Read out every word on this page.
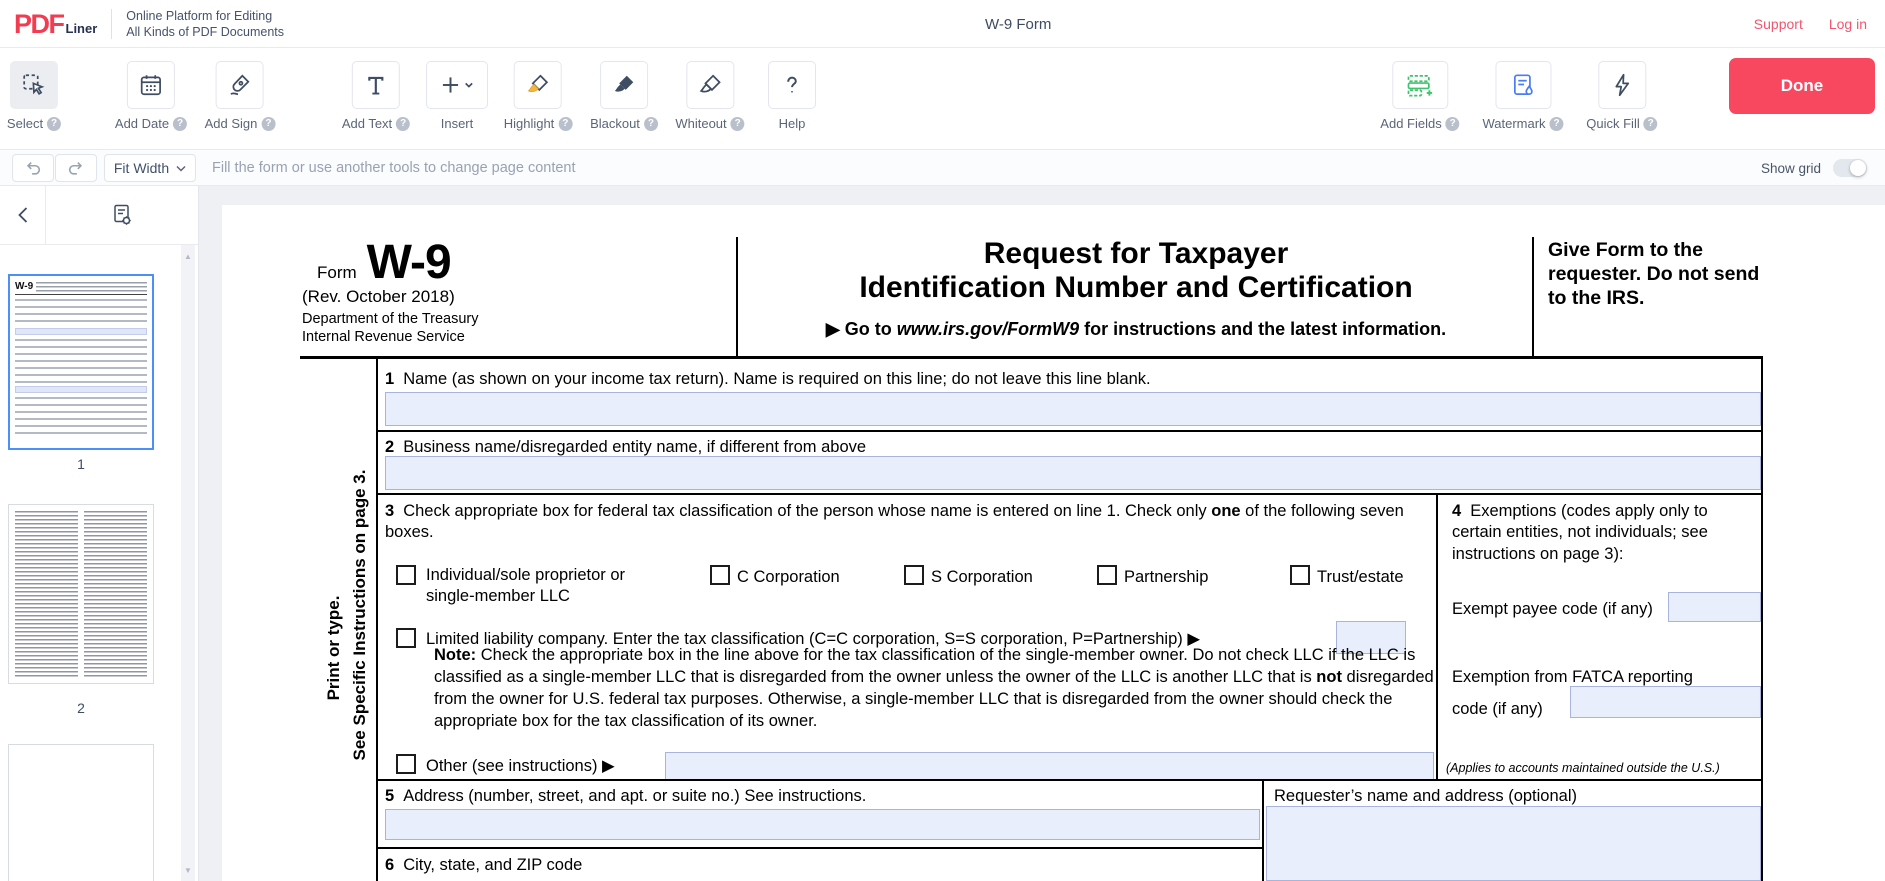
PDF Liner
Online Platform for Editing
All Kinds of PDF Documents	W-9 Form	Support Log in
Select ?	Add Date ?	Add Sign ?	Add Text ?	Insert Highlight ?	Blackout ?	Whiteout ?	Help	Add Fields ?	Watermark ?	Quick Fill ?
Done
Fit Width	Fill the form or use another tools to change page content	Show grid
W-9
1
2
▲
▼
Form W-9
(Rev. October 2018)
Department of the Treasury
Internal Revenue Service
Request for Taxpayer
Identification Number and Certification
▶ Go to www.irs.gov/FormW9 for instructions and the latest information.
Give Form to the requester. Do not send to the IRS.
Print or type. See Specific Instructions on page 3.
1 Name (as shown on your income tax return). Name is required on this line; do not leave this line blank.
2 Business name/disregarded entity name, if different from above
3 Check appropriate box for federal tax classification of the person whose name is entered on line 1. Check only one of the following seven boxes.
Individual/sole proprietor or single-member LLC
C Corporation	S Corporation	Partnership	Trust/estate
Limited liability company. Enter the tax classification (C=C corporation, S=S corporation, P=Partnership) ▶
Note: Check the appropriate box in the line above for the tax classification of the single-member owner. Do not check LLC if the LLC is classified as a single-member LLC that is disregarded from the owner unless the owner of the LLC is another LLC that is not disregarded from the owner for U.S. federal tax purposes. Otherwise, a single-member LLC that is disregarded from the owner should check the appropriate box for the tax classification of its owner.
Other (see instructions) ▶
4 Exemptions (codes apply only to certain entities, not individuals; see instructions on page 3):
Exempt payee code (if any)
Exemption from FATCA reporting
code (if any)
(Applies to accounts maintained outside the U.S.)
5 Address (number, street, and apt. or suite no.) See instructions.	Requester’s name and address (optional)
6 City, state, and ZIP code
